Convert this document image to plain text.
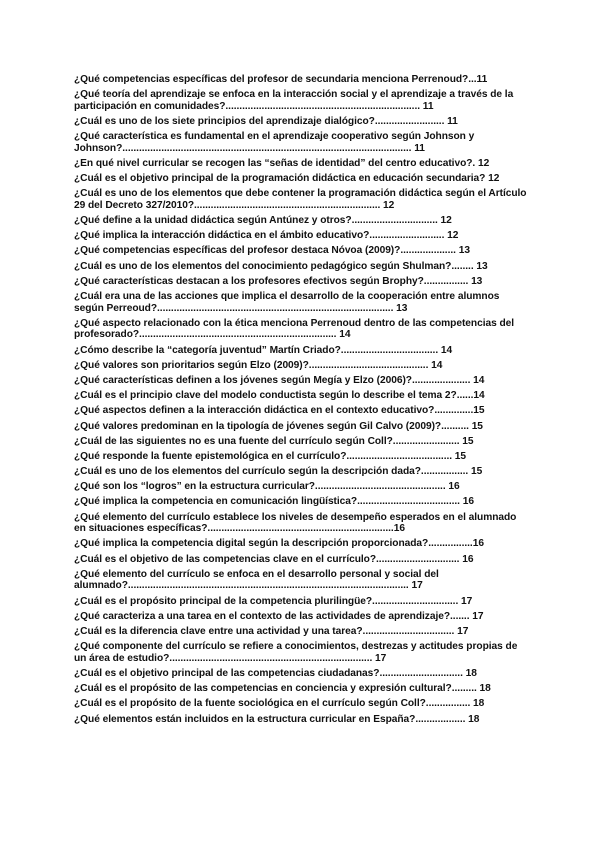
¿Qué competencias específicas del profesor de secundaria menciona Perrenoud?...11
¿Qué teoría del aprendizaje se enfoca en la interacción social y el aprendizaje a través de la participación en comunidades?...................................................................... 11
¿Cuál es uno de los siete principios del aprendizaje dialógico?......................... 11
¿Qué característica es fundamental en el aprendizaje cooperativo según Johnson y Johnson?........................................................................................................ 11
¿En qué nivel curricular se recogen las “señas de identidad” del centro educativo?. 12
¿Cuál es el objetivo principal de la programación didáctica en educación secundaria? 12
¿Cuál es uno de los elementos que debe contener la programación didáctica según el Artículo 29 del Decreto 327/2010?................................................................... 12
¿Qué define a la unidad didáctica según Antúnez y otros?............................... 12
¿Qué implica la interacción didáctica en el ámbito educativo?........................... 12
¿Qué competencias específicas del profesor destaca Nóvoa (2009)?.................... 13
¿Cuál es uno de los elementos del conocimiento pedagógico según Shulman?........ 13
¿Qué características destacan a los profesores efectivos según Brophy?................ 13
¿Cuál era una de las acciones que implica el desarrollo de la cooperación entre alumnos según Perreoud?..................................................................................... 13
¿Qué aspecto relacionado con la ética menciona Perrenoud dentro de las competencias del profesorado?....................................................................... 14
¿Cómo describe la “categoría juventud” Martín Criado?................................... 14
¿Qué valores son prioritarios según Elzo (2009)?........................................... 14
¿Qué características definen a los jóvenes según Megía y Elzo (2006)?..................... 14
¿Cuál es el principio clave del modelo conductista según lo describe el tema 2?......14
¿Qué aspectos definen a la interacción didáctica en el contexto educativo?..............15
¿Qué valores predominan en la tipología de jóvenes según Gil Calvo (2009)?.......... 15
¿Cuál de las siguientes no es una fuente del currículo según Coll?........................ 15
¿Qué responde la fuente epistemológica en el currículo?...................................... 15
¿Cuál es uno de los elementos del currículo según la descripción dada?................. 15
¿Qué son los “logros” en la estructura curricular?............................................... 16
¿Qué implica la competencia en comunicación lingüística?..................................... 16
¿Qué elemento del currículo establece los niveles de desempeño esperados en el alumnado en situaciones específicas?...................................................................16
¿Qué implica la competencia digital según la descripción proporcionada?................16
¿Cuál es el objetivo de las competencias clave en el currículo?.............................. 16
¿Qué elemento del currículo se enfoca en el desarrollo personal y social del alumnado?..................................................................................................... 17
¿Cuál es el propósito principal de la competencia plurilingüe?............................... 17
¿Qué caracteriza a una tarea en el contexto de las actividades de aprendizaje?....... 17
¿Cuál es la diferencia clave entre una actividad y una tarea?................................. 17
¿Qué componente del currículo se refiere a conocimientos, destrezas y actitudes propias de un área de estudio?......................................................................... 17
¿Cuál es el objetivo principal de las competencias ciudadanas?.............................. 18
¿Cuál es el propósito de las competencias en conciencia y expresión cultural?......... 18
¿Cuál es el propósito de la fuente sociológica en el currículo según Coll?................ 18
¿Qué elementos están incluidos en la estructura curricular en España?.................. 18
